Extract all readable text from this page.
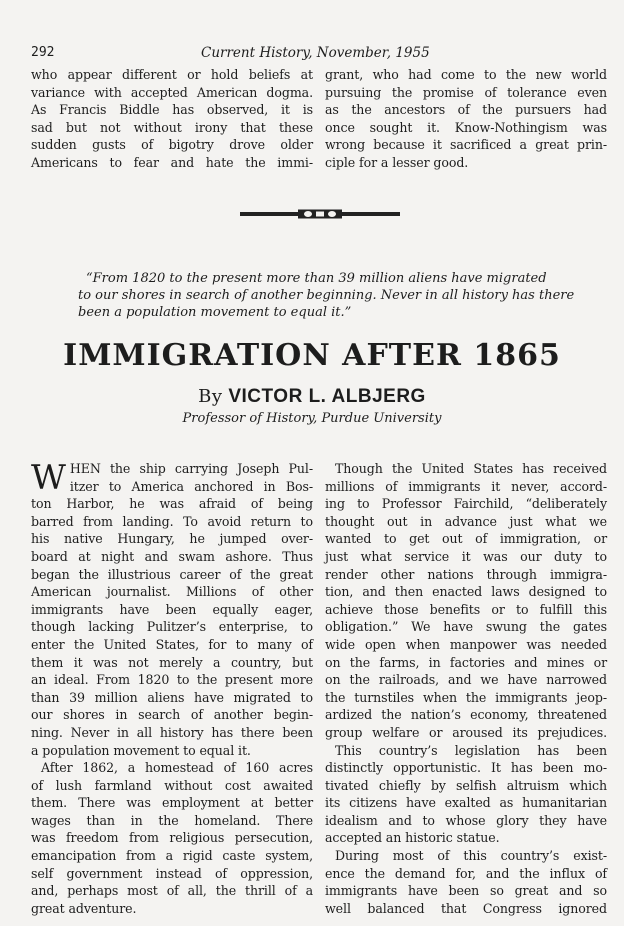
292	Current History, November, 1955
who appear different or hold beliefs at
variance with accepted American dogma.
As Francis Biddle has observed, it is
sad but not without irony that these
sudden gusts of bigotry drove older
Americans to fear and hate the immi-
grant, who had come to the new world
pursuing the promise of tolerance even
as the ancestors of the pursuers had
once sought it. Know-Nothingism was
wrong because it sacrificed a great prin-
ciple for a lesser good.
“From 1820 to the present more than 39 million aliens have migrated
to our shores in search of another beginning. Never in all history has there
been a population movement to equal it.”
IMMIGRATION AFTER 1865
By VICTOR L. ALBJERG
Professor of History, Purdue University
W HEN the ship carrying Joseph Pul-
itzer to America anchored in Bos-
ton Harbor, he was afraid of being
barred from landing. To avoid return to
his native Hungary, he jumped over-
board at night and swam ashore. Thus
began the illustrious career of the great
American journalist. Millions of other
immigrants have been equally eager,
though lacking Pulitzer’s enterprise, to
enter the United States, for to many of
them it was not merely a country, but
an ideal. From 1820 to the present more
than 39 million aliens have migrated to
our shores in search of another begin-
ning. Never in all history has there been
a population movement to equal it.
After 1862, a homestead of 160 acres
of lush farmland without cost awaited
them. There was employment at better
wages than in the homeland. There
was freedom from religious persecution,
emancipation from a rigid caste system,
self government instead of oppression,
and, perhaps most of all, the thrill of a
great adventure.
Though the United States has received
millions of immigrants it never, accord-
ing to Professor Fairchild, “deliberately
thought out in advance just what we
wanted to get out of immigration, or
just what service it was our duty to
render other nations through immigra-
tion, and then enacted laws designed to
achieve those benefits or to fulfill this
obligation.” We have swung the gates
wide open when manpower was needed
on the farms, in factories and mines or
on the railroads, and we have narrowed
the turnstiles when the immigrants jeop-
ardized the nation’s economy, threatened
group welfare or aroused its prejudices.
This country’s legislation has been
distinctly opportunistic. It has been mo-
tivated chiefly by selfish altruism which
its citizens have exalted as humanitarian
idealism and to whose glory they have
accepted an historic statue.
During most of this country’s exist-
ence the demand for, and the influx of
immigrants have been so great and so
well balanced that Congress ignored
